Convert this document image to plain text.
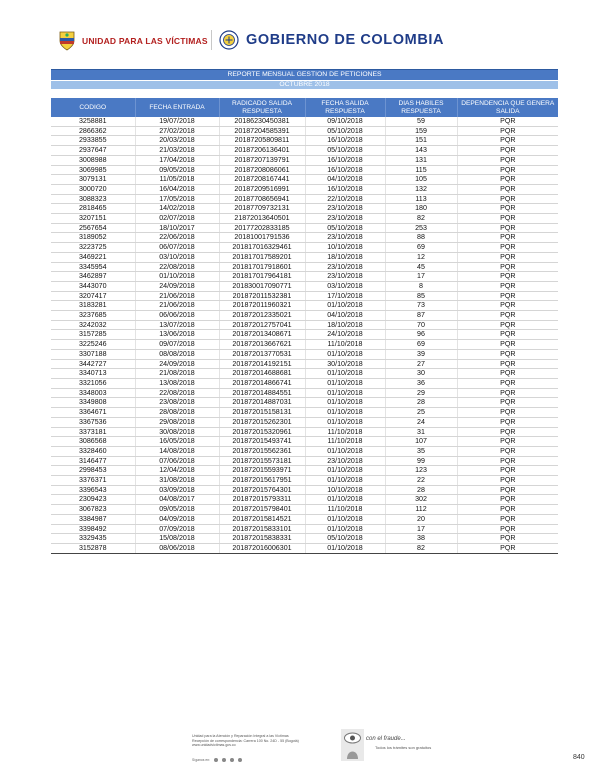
UNIDAD PARA LAS VÍCTIMAS	GOBIERNO DE COLOMBIA
REPORTE MENSUAL GESTION DE PETICIONES					
OCTUBRE 2018					

CODIGO	FECHA ENTRADA	RADICADO SALIDA RESPUESTA	FECHA SALIDA RESPUESTA	DIAS HABILES RESPUESTA	DEPENDENCIA QUE GENERA SALIDA
3258881	19/07/2018	20186230450381	09/10/2018	59	PQR
2866362	27/02/2018	20187204585391	05/10/2018	159	PQR
2933855	20/03/2018	20187205809811	16/10/2018	151	PQR
2937647	21/03/2018	20187206136401	05/10/2018	143	PQR
3008988	17/04/2018	20187207139791	16/10/2018	131	PQR
3069985	09/05/2018	20187208086061	16/10/2018	115	PQR
3079131	11/05/2018	20187208167441	04/10/2018	105	PQR
3000720	16/04/2018	20187209516991	16/10/2018	132	PQR
3088323	17/05/2018	20187708656941	22/10/2018	113	PQR
2818465	14/02/2018	20187709732131	23/10/2018	180	PQR
3207151	02/07/2018	21872013640501	23/10/2018	82	PQR
2567654	18/10/2017	20177202833185	05/10/2018	253	PQR
3189052	22/06/2018	20181001791536	23/10/2018	88	PQR
3223725	06/07/2018	201817016329461	10/10/2018	69	PQR
3469221	03/10/2018	201817017589201	18/10/2018	12	PQR
3345954	22/08/2018	201817017918601	23/10/2018	45	PQR
3462897	01/10/2018	201817017964181	23/10/2018	17	PQR
3443070	24/09/2018	201830017090771	03/10/2018	8	PQR
3207417	21/06/2018	201872011532381	17/10/2018	85	PQR
3183281	21/06/2018	201872011960321	01/10/2018	73	PQR
3237685	06/06/2018	201872012335021	04/10/2018	87	PQR
3242032	13/07/2018	201872012757041	18/10/2018	70	PQR
3157285	13/06/2018	201872013408671	24/10/2018	96	PQR
3225246	09/07/2018	201872013667621	11/10/2018	69	PQR
3307188	08/08/2018	201872013770531	01/10/2018	39	PQR
3442727	24/09/2018	201872014192151	30/10/2018	27	PQR
3340713	21/08/2018	201872014688681	01/10/2018	30	PQR
3321056	13/08/2018	201872014866741	01/10/2018	36	PQR
3348003	22/08/2018	201872014884551	01/10/2018	29	PQR
3349808	23/08/2018	201872014887031	01/10/2018	28	PQR
3364671	28/08/2018	201872015158131	01/10/2018	25	PQR
3367536	29/08/2018	201872015262301	01/10/2018	24	PQR
3373181	30/08/2018	201872015320961	11/10/2018	31	PQR
3086568	16/05/2018	201872015493741	11/10/2018	107	PQR
3328460	14/08/2018	201872015562361	01/10/2018	35	PQR
3146477	07/06/2018	201872015573181	23/10/2018	99	PQR
2998453	12/04/2018	201872015593971	01/10/2018	123	PQR
3376371	31/08/2018	201872015617951	01/10/2018	22	PQR
3396543	03/09/2018	201872015764301	10/10/2018	28	PQR
2309423	04/08/2017	201872015793311	01/10/2018	302	PQR
3067823	09/05/2018	201872015798401	11/10/2018	112	PQR
3384987	04/09/2018	201872015814521	01/10/2018	20	PQR
3398492	07/09/2018	201872015833101	01/10/2018	17	PQR
3329435	15/08/2018	201872015838331	05/10/2018	38	PQR
3152878	08/06/2018	201872016006301	01/10/2018	82	PQR
Unidad para la Atención y Reparación Integral a las Víctimas
Recepción de correspondencia: Carrera 100 No. 24D - 55 (Bogotá)
www.unidadvictimas.gov.co
Síganos en:
con el fraude...
Todos los trámites son gratuitos
840
